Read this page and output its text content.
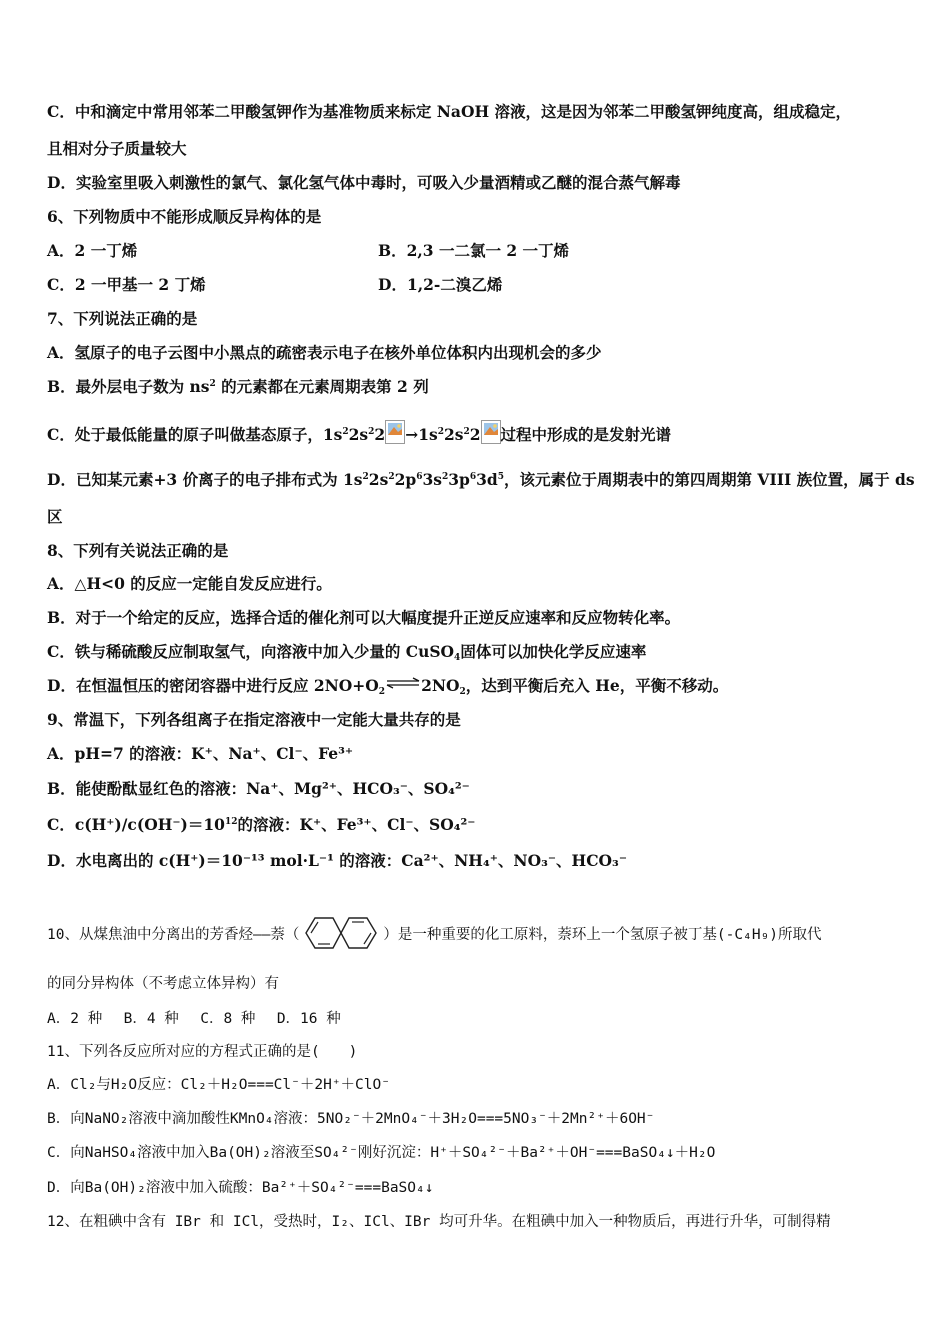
C．中和滴定中常用邻苯二甲酸氢钾作为基准物质来标定 NaOH 溶液，这是因为邻苯二甲酸氢钾纯度高，组成稳定，
且相对分子质量较大
D．实验室里吸入刺激性的氯气、氯化氢气体中毒时，可吸入少量酒精或乙醚的混合蒸气解毒
6、下列物质中不能形成顺反异构体的是
A．2 一丁烯	B．2,3 一二氯一 2 一丁烯
C．2 一甲基一 2 丁烯	D．1,2-二溴乙烯
7、下列说法正确的是
A．氢原子的电子云图中小黑点的疏密表示电子在核外单位体积内出现机会的多少
B．最外层电子数为 $ns^2$ 的元素都在元素周期表第 2 列
C．处于最低能量的原子叫做基态原子，$1s^22s^22 \to 1s^22s^22$ 过程中形成的是发射光谱
D．已知某元素+3 价离子的电子排布式为 $1s^22s^22p^63s^23p^63d^5$，该元素位于周期表中的第四周期第 VIII 族位置，属于 ds
区
8、下列有关说法正确的是
A．△H<0 的反应一定能自发反应进行。
B．对于一个给定的反应，选择合适的催化剂可以大幅度提升正逆反应速率和反应物转化率。
C．铁与稀硫酸反应制取氢气，向溶液中加入少量的 CuSO$_4$固体可以加快化学反应速率
D．在恒温恒压的密闭容器中进行反应 $2NO+O_2$ $\rightleftharpoons 2NO_2$，达到平衡后充入 He，平衡不移动。
9、常温下，下列各组离子在指定溶液中一定能大量共存的是
A．pH=7 的溶液：K⁺、Na⁺、Cl⁻、Fe³⁺
B．能使酚酞显红色的溶液：Na⁺、Mg²⁺、HCO₃⁻、SO₄²⁻
C．$c(H^+)/c(OH^-)=10^{12}$的溶液：K⁺、Fe³⁺、Cl⁻、SO₄²⁻
D．水电离出的 c(H⁺)＝10⁻¹³ mol·L⁻¹ 的溶液：Ca²⁺、NH₄⁺、NO₃⁻、HCO₃⁻
10、从煤焦油中分离出的芳香烃——萘（	）是一种重要的化工原料，萘环上一个氢原子被丁基(-C₄H₉)所取代
的同分异构体（不考虑立体异构）有
A．2 种 B．4 种 C．8 种 D．16 种
11、下列各反应所对应的方程式正确的是(　　)
A．Cl₂与H₂O反应：Cl₂＋H₂O===Cl⁻＋2H⁺＋ClO⁻
B．向NaNO₂溶液中滴加酸性KMnO₄溶液：5NO₂⁻＋2MnO₄⁻＋3H₂O===5NO₃⁻＋2Mn²⁺＋6OH⁻
C．向NaHSO₄溶液中加入Ba(OH)₂溶液至SO₄²⁻刚好沉淀：H⁺＋SO₄²⁻＋Ba²⁺＋OH⁻===BaSO₄↓＋H₂O
D．向Ba(OH)₂溶液中加入硫酸：Ba²⁺＋SO₄²⁻===BaSO₄↓
12、在粗碘中含有 IBr 和 ICl，受热时，I₂、ICl、IBr 均可升华。在粗碘中加入一种物质后，再进行升华，可制得精
